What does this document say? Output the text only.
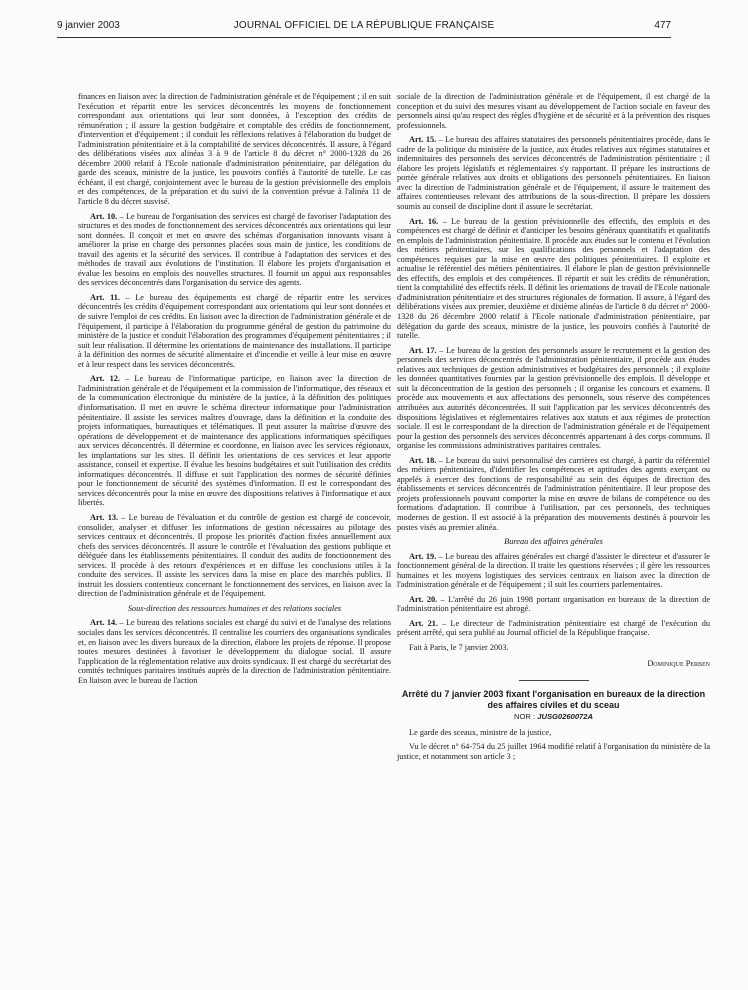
9 janvier 2003	JOURNAL OFFICIEL DE LA RÉPUBLIQUE FRANÇAISE	477

finances en liaison avec la direction de l'administration générale et de l'équipement ; il en suit l'exécution et répartit entre les services déconcentrés les moyens de fonctionnement correspondant aux orientations qui leur sont données, à l'exception des crédits de rémunération ; il assure la gestion budgétaire et comptable des crédits de fonctionnement, d'intervention et d'équipement ; il conduit les réflexions relatives à l'élaboration du budget de l'administration pénitentiaire et à la comptabilité de services déconcentrés. Il assure, à l'égard des délibérations visées aux alinéas 3 à 9 de l'article 8 du décret n° 2000-1328 du 26 décembre 2000 relatif à l'Ecole nationale d'administration pénitentiaire, par délégation du garde des sceaux, ministre de la justice, les pouvoirs confiés à l'autorité de tutelle. Le cas échéant, il est chargé, conjointement avec le bureau de la gestion prévisionnelle des emplois et des compétences, de la préparation et du suivi de la convention prévue à l'alinéa 11 de l'article 8 du décret susvisé.

Art. 10. – Le bureau de l'organisation des services est chargé de favoriser l'adaptation des structures et des modes de fonctionnement des services déconcentrés aux orientations qui leur sont données. Il conçoit et met en œuvre des schémas d'organisation innovants visant à améliorer la prise en charge des personnes placées sous main de justice, les conditions de travail des agents et la sécurité des services. Il contribue à l'adaptation des services et des méthodes de travail aux évolutions de l'institution. Il élabore les projets d'organisation et évalue les besoins en emplois des nouvelles structures. Il fournit un appui aux responsables des services déconcentrés dans l'organisation du service des agents.

Art. 11. – Le bureau des équipements est chargé de répartir entre les services déconcentrés les crédits d'équipement correspondant aux orientations qui leur sont données et de suivre l'emploi de ces crédits. En liaison avec la direction de l'administration générale et de l'équipement, il participe à l'élaboration du programme général de gestion du patrimoine du ministère de la justice et conduit l'élaboration des programmes d'équipement pénitentiaires ; il suit leur réalisation. Il détermine les orientations de maintenance des installations. Il participe à la définition des normes de sécurité alimentaire et d'incendie et veille à leur mise en œuvre et à leur respect dans les services déconcentrés.

Art. 12. – Le bureau de l'informatique participe, en liaison avec la direction de l'administration générale et de l'équipement et la commission de l'informatique, des réseaux et de la communication électronique du ministère de la justice, à la définition des politiques d'informatisation. Il met en œuvre le schéma directeur informatique pour l'administration pénitentiaire. Il assiste les services maîtres d'ouvrage, dans la définition et la conduite des projets informatiques, bureautiques et télématiques. Il peut assurer la maîtrise d'œuvre des opérations de développement et de maintenance des applications informatiques spécifiques aux services déconcentrés. Il détermine et coordonne, en liaison avec les services régionaux, les implantations sur les sites. Il définit les orientations de ces services et leur apporte assistance, conseil et expertise. Il évalue les besoins budgétaires et suit l'utilisation des crédits informatiques déconcentrés. Il diffuse et suit l'application des normes de sécurité définies pour le fonctionnement de sécurité des systèmes d'information. Il est le correspondant des services déconcentrés pour la mise en œuvre des dispositions relatives à l'informatique et aux libertés.

Art. 13. – Le bureau de l'évaluation et du contrôle de gestion est chargé de concevoir, consolider, analyser et diffuser les informations de gestion nécessaires au pilotage des services centraux et déconcentrés. Il propose les priorités d'action fixées annuellement aux chefs des services déconcentrés. Il assure le contrôle et l'évaluation des gestions publique et déléguée dans les établissements pénitentiaires. Il conduit des audits de fonctionnement des services. Il procède à des retours d'expériences et en diffuse les conclusions utiles à la conduite des services. Il assiste les services dans la mise en place des marchés publics. Il instruit les dossiers contentieux concernant le fonctionnement des services, en liaison avec la direction de l'administration générale et de l'équipement.

Sous-direction des ressources humaines et des relations sociales

Art. 14. – Le bureau des relations sociales est chargé du suivi et de l'analyse des relations sociales dans les services déconcentrés. Il centralise les courriers des organisations syndicales et, en liaison avec les divers bureaux de la direction, élabore les projets de réponse. Il propose toutes mesures destinées à favoriser le développement du dialogue social. Il assure l'application de la réglementation relative aux droits syndicaux. Il est chargé du secrétariat des comités techniques paritaires institués auprès de la direction de l'administration pénitentiaire. En liaison avec le bureau de l'action

sociale de la direction de l'administration générale et de l'équipement, il est chargé de la conception et du suivi des mesures visant au développement de l'action sociale en faveur des personnels ainsi qu'au respect des règles d'hygiène et de sécurité et à la prévention des risques professionnels.

Art. 15. – Le bureau des affaires statutaires des personnels pénitentiaires procède, dans le cadre de la politique du ministère de la justice, aux études relatives aux régimes statutaires et indemnitaires des personnels des services déconcentrés de l'administration pénitentiaire ; il élabore les projets législatifs et réglementaires s'y rapportant. Il prépare les instructions de portée générale relatives aux droits et obligations des personnels pénitentiaires. En liaison avec la direction de l'administration générale et de l'équipement, il assure le traitement des affaires contentieuses relevant des attributions de la sous-direction. Il prépare les dossiers soumis au conseil de discipline dont il assure le secrétariat.

Art. 16. – Le bureau de la gestion prévisionnelle des effectifs, des emplois et des compétences est chargé de définir et d'anticiper les besoins généraux quantitatifs et qualitatifs en emplois de l'administration pénitentiaire. Il procède aux études sur le contenu et l'évolution des métiers pénitentiaires, sur les qualifications des personnels et l'adaptation des compétences requises par la mise en œuvre des politiques pénitentiaires. Il exploite et actualise le référentiel des métiers pénitentiaires. Il élabore le plan de gestion prévisionnelle des effectifs, des emplois et des compétences. Il répartit et suit les crédits de rémunération, tient la comptabilité des effectifs réels. Il définit les orientations de travail de l'Ecole nationale d'administration pénitentiaire et des structures régionales de formation. Il assure, à l'égard des délibérations visées aux premier, deuxième et dixième alinéas de l'article 8 du décret n° 2000-1328 du 26 décembre 2000 relatif à l'Ecole nationale d'administration pénitentiaire, par délégation du garde des sceaux, ministre de la justice, les pouvoirs confiés à l'autorité de tutelle.

Art. 17. – Le bureau de la gestion des personnels assure le recrutement et la gestion des personnels des services déconcentrés de l'administration pénitentiaire, il procède aux études relatives aux techniques de gestion administratives et budgétaires des personnels ; il exploite les données quantitatives fournies par la gestion prévisionnelle des emplois. Il développe et suit la déconcentration de la gestion des personnels ; il organise les concours et examens. Il procède aux mouvements et aux affectations des personnels, sous réserve des compétences attribuées aux autorités déconcentrées. Il suit l'application par les services déconcentrés des dispositions législatives et réglementaires relatives aux statuts et aux régimes de protection sociale. Il est le correspondant de la direction de l'administration générale et de l'équipement pour la gestion des personnels des services déconcentrés appartenant à des corps communs. Il organise les commissions administratives paritaires centrales.

Art. 18. – Le bureau du suivi personnalisé des carrières est chargé, à partir du référentiel des métiers pénitentiaires, d'identifier les compétences et aptitudes des agents exerçant ou appelés à exercer des fonctions de responsabilité au sein des équipes de direction des établissements et services déconcentrés de l'administration pénitentiaire. Il leur propose des projets professionnels pouvant comporter la mise en œuvre de bilans de compétence ou des formations d'adaptation. Il contribue à l'utilisation, par ces personnels, des techniques modernes de gestion. Il est associé à la préparation des mouvements destinés à pourvoir les postes visés au premier alinéa.

Bureau des affaires générales

Art. 19. – Le bureau des affaires générales est chargé d'assister le directeur et d'assurer le fonctionnement général de la direction. Il traite les questions réservées ; il gère les ressources humaines et les moyens logistiques des services centraux en liaison avec la direction de l'administration générale et de l'équipement ; il suit les courriers parlementaires.

Art. 20. – L'arrêté du 26 juin 1998 portant organisation en bureaux de la direction de l'administration pénitentiaire est abrogé.

Art. 21. – Le directeur de l'administration pénitentiaire est chargé de l'exécution du présent arrêté, qui sera publié au Journal officiel de la République française.

Fait à Paris, le 7 janvier 2003.

Dominique Perben

Arrêté du 7 janvier 2003 fixant l'organisation en bureaux de la direction des affaires civiles et du sceau

NOR : JUSG0260072A

Le garde des sceaux, ministre de la justice,

Vu le décret n° 64-754 du 25 juillet 1964 modifié relatif à l'organisation du ministère de la justice, et notamment son article 3 ;
